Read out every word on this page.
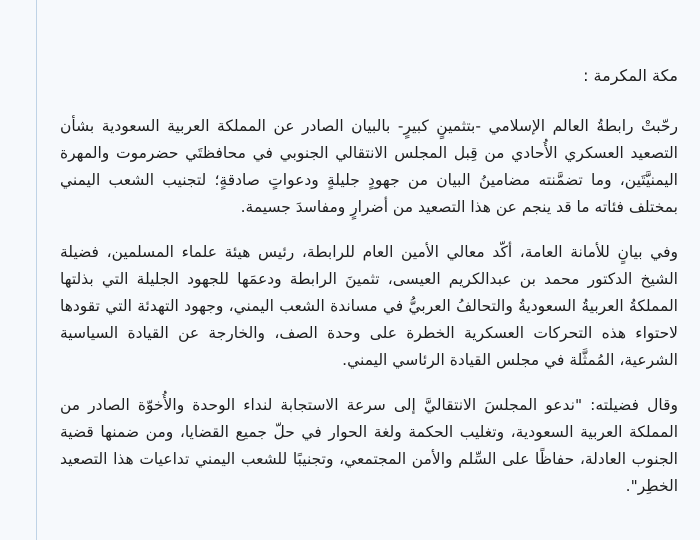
مكة المكرمة :

رحّبتْ رابطةُ العالم الإسلامي -بتثمينٍ كبيرٍ- بالبيان الصادر عن المملكة العربية السعودية بشأن التصعيد العسكري الأُحادي من قِبل المجلس الانتقالي الجنوبي في محافظتَي حضرموت والمهرة اليمنيَّتَين، وما تضمَّنته مضامينُ البيان من جهودٍ جليلةٍ ودعواتٍ صادقةٍ؛ لتجنيب الشعب اليمني بمختلف فئاته ما قد ينجم عن هذا التصعيد من أضرارٍ ومفاسدَ جسيمة.

وفي بيانٍ للأمانة العامة، أكّد معالي الأمين العام للرابطة، رئيس هيئة علماء المسلمين، فضيلة الشيخ الدكتور محمد بن عبدالكريم العيسى، تثمينَ الرابطة ودعمَها للجهود الجليلة التي بذلتها المملكةُ العربيةُ السعوديةُ والتحالفُ العربيُّ في مساندة الشعب اليمني، وجهود التهدئة التي تقودها لاحتواء هذه التحركات العسكرية الخطرة على وحدة الصف، والخارجة عن القيادة السياسية الشرعية، المُمثَّلة في مجلس القيادة الرئاسي اليمني.

وقال فضيلته: "ندعو المجلسَ الانتقاليَّ إلى سرعة الاستجابة لنداء الوحدة والأُخوّة الصادر من المملكة العربية السعودية، وتغليب الحكمة ولغة الحوار في حلّ جميع القضايا، ومن ضمنها قضية الجنوب العادلة، حفاظًا على السِّلم والأمن المجتمعي، وتجنيبًا للشعب اليمني تداعيات هذا التصعيد الخطِر".
